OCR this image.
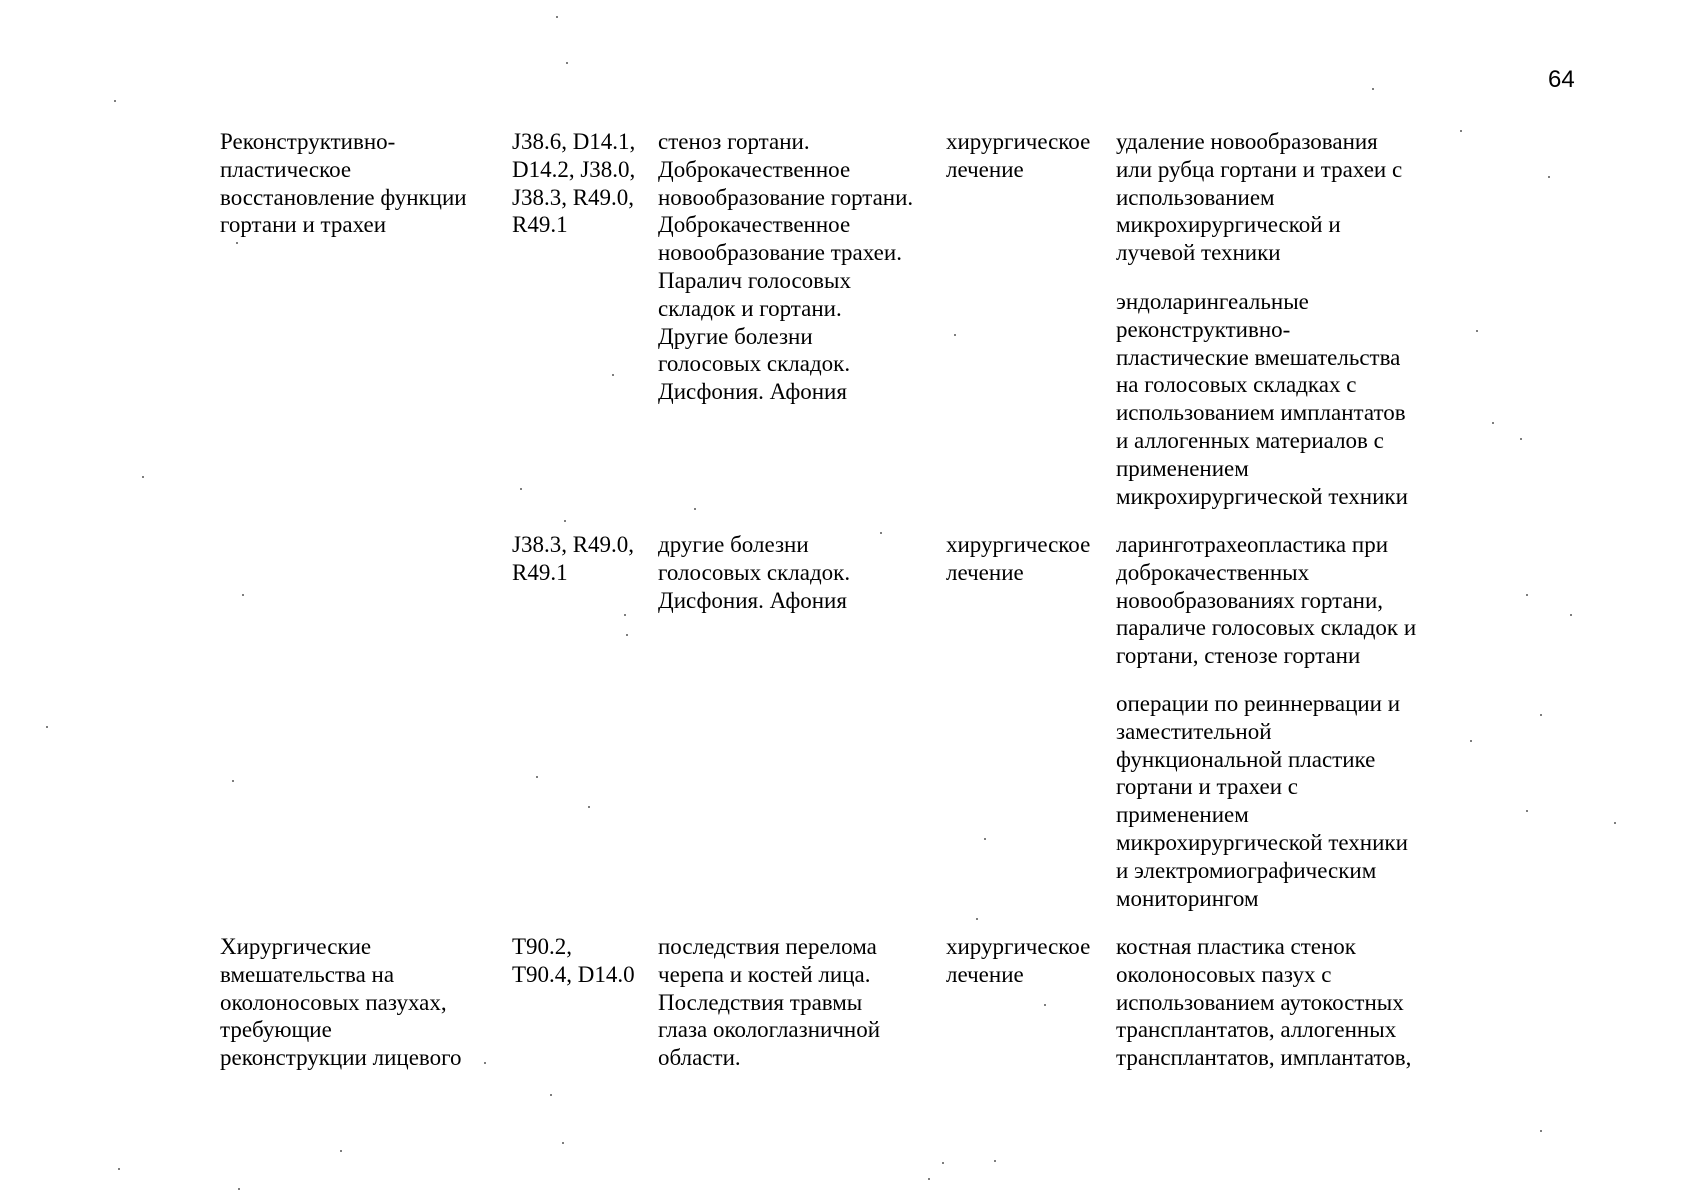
64
Реконструктивно-
пластическое
восстановление функции
гортани и трахеи
J38.6, D14.1,
D14.2, J38.0,
J38.3, R49.0,
R49.1
стеноз гортани.
Доброкачественное
новообразование гортани.
Доброкачественное
новообразование трахеи.
Паралич голосовых
складок и гортани.
Другие болезни
голосовых складок.
Дисфония. Афония
хирургическое
лечение
удаление новообразования
или рубца гортани и трахеи с
использованием
микрохирургической и
лучевой техники
эндоларингеальные
реконструктивно-
пластические вмешательства
на голосовых складках с
использованием имплантатов
и аллогенных материалов с
применением
микрохирургической техники
J38.3, R49.0,
R49.1
другие болезни
голосовых складок.
Дисфония. Афония
хирургическое
лечение
ларинготрахеопластика при
доброкачественных
новообразованиях гортани,
параличе голосовых складок и
гортани, стенозе гортани
операции по реиннервации и
заместительной
функциональной пластике
гортани и трахеи с
применением
микрохирургической техники
и электромиографическим
мониторингом
Хирургические
вмешательства на
околоносовых пазухах,
требующие
реконструкции лицевого
T90.2,
T90.4, D14.0
последствия перелома
черепа и костей лица.
Последствия травмы
глаза окологлазничной
области.
хирургическое
лечение
костная пластика стенок
околоносовых пазух с
использованием аутокостных
трансплантатов, аллогенных
трансплантатов, имплантатов,
